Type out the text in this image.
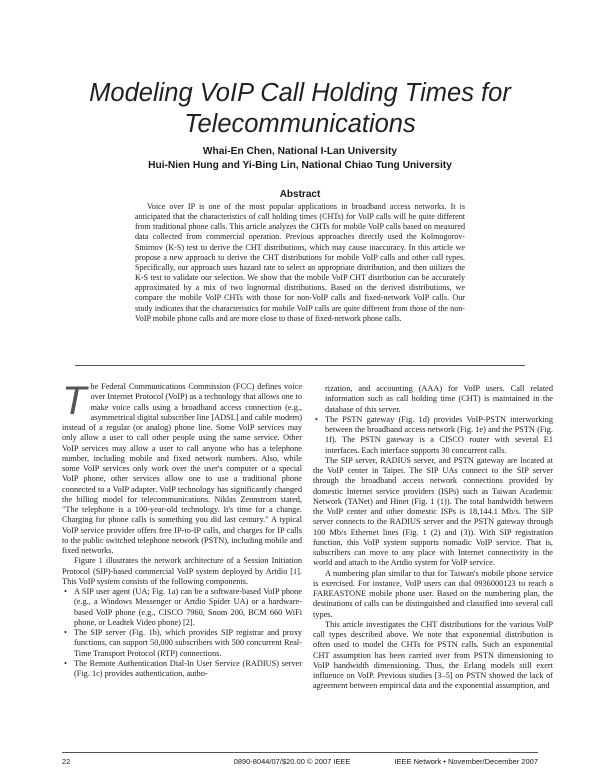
Modeling VoIP Call Holding Times for
Telecommunications
Whai-En Chen, National I-Lan University
Hui-Nien Hung and Yi-Bing Lin, National Chiao Tung University
Abstract

Voice over IP is one of the most popular applications in broadband access networks. It is anticipated that the characteristics of call holding times (CHTs) for VoIP calls will be quite different from traditional phone calls. This article analyzes the CHTs for mobile VoIP calls based on measured data collected from commercial operation. Previous approaches directly used the Kolmogorov-Smirnov (K-S) test to derive the CHT distributions, which may cause inaccuracy. In this article we propose a new approach to derive the CHT distributions for mobile VoIP calls and other call types. Specifically, our approach uses hazard rate to select an appropriate distribution, and then utilizes the K-S test to validate our selection. We show that the mobile VoIP CHT distribution can be accurately approximated by a mix of two lognormal distributions. Based on the derived distributions, we compare the mobile VoIP CHTs with those for non-VoIP calls and fixed-network VoIP calls. Our study indicates that the characteristics for mobile VoIP calls are quite different from those of the non-VoIP mobile phone calls and are more close to those of fixed-network phone calls.

The Federal Communications Commission (FCC) defines voice over Internet Protocol (VoIP) as a technology that allows one to make voice calls using a broadband access connection (e.g., asymmetrical digital subscriber line [ADSL] and cable modem) instead of a regular (or analog) phone line. Some VoIP services may only allow a user to call other people using the same service. Other VoIP services may allow a user to call anyone who has a telephone number, including mobile and fixed network numbers. Also, while some VoIP services only work over the user's computer or a special VoIP phone, other services allow one to use a traditional phone connected to a VoIP adapter. VoIP technology has significantly changed the billing model for telecommunications. Niklas Zennstrom stated, "The telephone is a 100-year-old technology. It's time for a change. Charging for phone calls is something you did last century." A typical VoIP service provider offers free IP-to-IP calls, and charges for IP calls to the public switched telephone network (PSTN), including mobile and fixed networks.

Figure 1 illustrates the network architecture of a Session Initiation Protocol (SIP)-based commercial VoIP system deployed by Artdio [1]. This VoIP system consists of the following components.

• A SIP user agent (UA; Fig. 1a) can be a software-based VoIP phone (e.g., a Windows Messenger or Artdio Spider UA) or a hardware-based VoIP phone (e.g., CISCO 7960, Snom 200, BCM 660 WiFi phone, or Leadtek Video phone) [2].
• The SIP server (Fig. 1b), which provides SIP registrar and proxy functions, can support 50,000 subscribers with 500 concurrent Real-Time Transport Protocol (RTP) connections.
• The Remote Authentication Dial-In User Service (RADIUS) server (Fig. 1c) provides authentication, autho-

rization, and accounting (AAA) for VoIP users. Call related information such as call holding time (CHT) is maintained in the database of this server.

• The PSTN gateway (Fig. 1d) provides VoIP-PSTN interworking between the broadband access network (Fig. 1e) and the PSTN (Fig. 1f). The PSTN gateway is a CISCO router with several E1 interfaces. Each interface supports 30 concurrent calls.

The SIP server, RADIUS server, and PSTN gateway are located at the VoIP center in Taipei. The SIP UAs connect to the SIP server through the broadband access network connections provided by domestic Internet service providers (ISPs) such as Taiwan Academic Network (TANet) and Hinet (Fig. 1 (1)). The total bandwidth between the VoIP center and other domestic ISPs is 18,144.1 Mb/s. The SIP server connects to the RADIUS server and the PSTN gateway through 100 Mb/s Ethernet lines (Fig. 1 (2) and (3)). With SIP registration function, this VoIP system supports nomadic VoIP service. That is, subscribers can move to any place with Internet connectivity in the world and attach to the Artdio system for VoIP service.

A numbering plan similar to that for Taiwan's mobile phone service is exercised. For instance, VoIP users can dial 0936000123 to reach a FAREASTONE mobile phone user. Based on the numbering plan, the destinations of calls can be distinguished and classified into several call types.

This article investigates the CHT distributions for the various VoIP call types described above. We note that exponential distribution is often used to model the CHTs for PSTN calls. Such an exponential CHT assumption has been carried over from PSTN dimensioning to VoIP bandwidth dimensioning. Thus, the Erlang models still exert influence on VoIP. Previous studies [3–5] on PSTN showed the lack of agreement between empirical data and the exponential assumption, and

22	0890-8044/07/$20.00 © 2007 IEEE	IEEE Network • November/December 2007
